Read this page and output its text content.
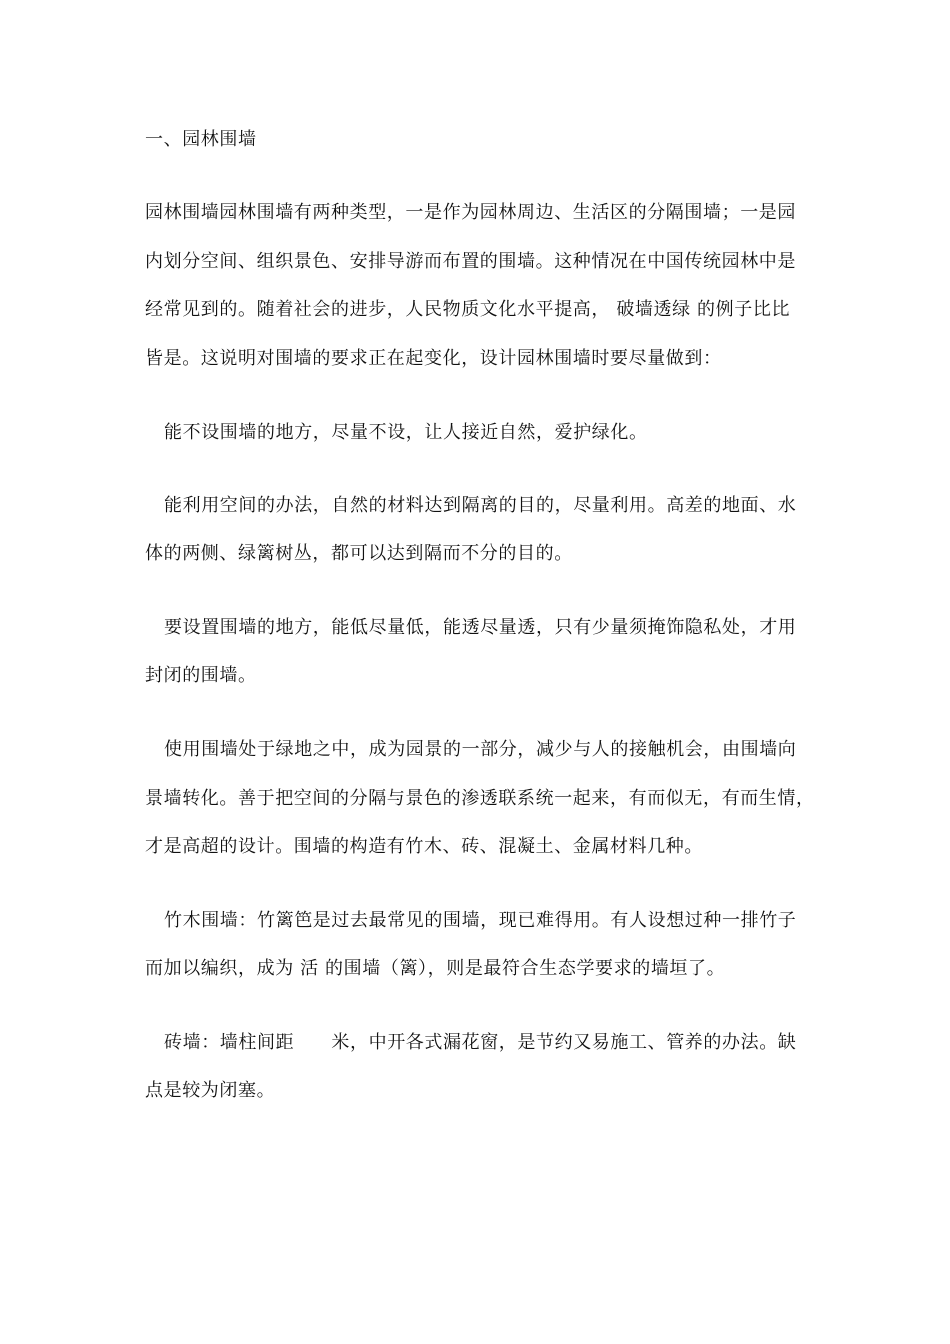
一、园林围墙
园林围墙园林围墙有两种类型，一是作为园林周边、生活区的分隔围墙；一是园
内划分空间、组织景色、安排导游而布置的围墙。这种情况在中国传统园林中是
经常见到的。随着社会的进步，人民物质文化水平提高， 破墙透绿 的例子比比
皆是。这说明对围墙的要求正在起变化，设计园林围墙时要尽量做到：
能不设围墙的地方，尽量不设，让人接近自然，爱护绿化。
能利用空间的办法，自然的材料达到隔离的目的，尽量利用。高差的地面、水
体的两侧、绿篱树丛，都可以达到隔而不分的目的。
要设置围墙的地方，能低尽量低，能透尽量透，只有少量须掩饰隐私处，才用
封闭的围墙。
使用围墙处于绿地之中，成为园景的一部分，减少与人的接触机会，由围墙向
景墙转化。善于把空间的分隔与景色的渗透联系统一起来，有而似无，有而生情，
才是高超的设计。围墙的构造有竹木、砖、混凝土、金属材料几种。
竹木围墙：竹篱笆是过去最常见的围墙，现已难得用。有人设想过种一排竹子
而加以编织，成为 活 的围墙（篱），则是最符合生态学要求的墙垣了。
砖墙：墙柱间距　　米，中开各式漏花窗，是节约又易施工、管养的办法。缺
点是较为闭塞。
